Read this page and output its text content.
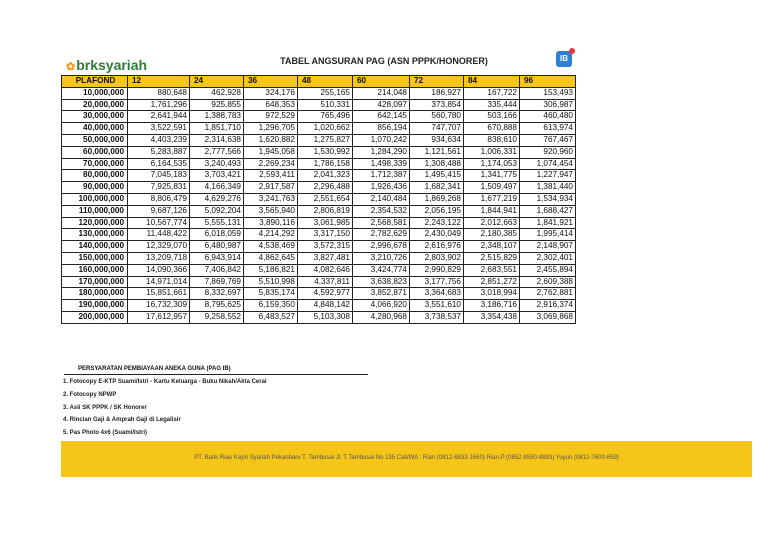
✿ brksyariah	TABEL ANGSURAN PAG (ASN PPPK/HONORER)	IB
PLAFOND	12	24	36	48	60	72	84	96
10,000,000	880,648	462,928	324,176	255,165	214,048	186,927	167,722	153,493
20,000,000	1,761,296	925,855	648,353	510,331	428,097	373,854	335,444	306,987
30,000,000	2,641,944	1,388,783	972,529	765,496	642,145	560,780	503,166	460,480
40,000,000	3,522,591	1,851,710	1,296,705	1,020,662	856,194	747,707	670,888	613,974
50,000,000	4,403,239	2,314,638	1,620,882	1,275,827	1,070,242	934,634	838,610	767,467
60,000,000	5,283,887	2,777,566	1,945,058	1,530,992	1,284,290	1,121,561	1,006,331	920,960
70,000,000	6,164,535	3,240,493	2,269,234	1,786,158	1,498,339	1,308,488	1,174,053	1,074,454
80,000,000	7,045,183	3,703,421	2,593,411	2,041,323	1,712,387	1,495,415	1,341,775	1,227,947
90,000,000	7,925,831	4,166,349	2,917,587	2,296,488	1,926,436	1,682,341	1,509,497	1,381,440
100,000,000	8,806,479	4,629,276	3,241,763	2,551,654	2,140,484	1,869,268	1,677,219	1,534,934
110,000,000	9,687,126	5,092,204	3,565,940	2,806,819	2,354,532	2,056,195	1,844,941	1,688,427
120,000,000	10,567,774	5,555,131	3,890,116	3,061,985	2,568,581	2,243,122	2,012,663	1,841,921
130,000,000	11,448,422	6,018,059	4,214,292	3,317,150	2,782,629	2,430,049	2,180,385	1,995,414
140,000,000	12,329,070	6,480,987	4,538,469	3,572,315	2,996,678	2,616,976	2,348,107	2,148,907
150,000,000	13,209,718	6,943,914	4,862,645	3,827,481	3,210,726	2,803,902	2,515,829	2,302,401
160,000,000	14,090,366	7,406,842	5,186,821	4,082,646	3,424,774	2,990,829	2,683,551	2,455,894
170,000,000	14,971,014	7,869,769	5,510,998	4,337,811	3,638,823	3,177,756	2,851,272	2,609,388
180,000,000	15,851,661	8,332,697	5,835,174	4,592,977	3,852,871	3,364,683	3,018,994	2,762,881
190,000,000	16,732,309	8,795,625	6,159,350	4,848,142	4,066,920	3,551,610	3,186,716	2,916,374
200,000,000	17,612,957	9,258,552	6,483,527	5,103,308	4,280,968	3,738,537	3,354,438	3,069,868
PERSYARATAN PEMBIAYAAN ANEKA GUNA (PAG IB)
1. Fotocopy E-KTP Suami/Istri - Kartu Keluarga - Buku Nikah/Akta Cerai
2. Fotocopy NPWP
3. Asli SK PPPK / SK Honorer
4. Rincian Gaji & Amprah Gaji di Legalisir
5. Pas Photo 4x6 (Suami/Istri)
PT. Bank Riau Kepri Syariah Pekanbaru T. Tambusai Jl. T Tambusai No 135 Call/WA : Rian (0812-6833-1660) Rian.P (0852-8590-8883) Yuyun (0812-7600-659)
